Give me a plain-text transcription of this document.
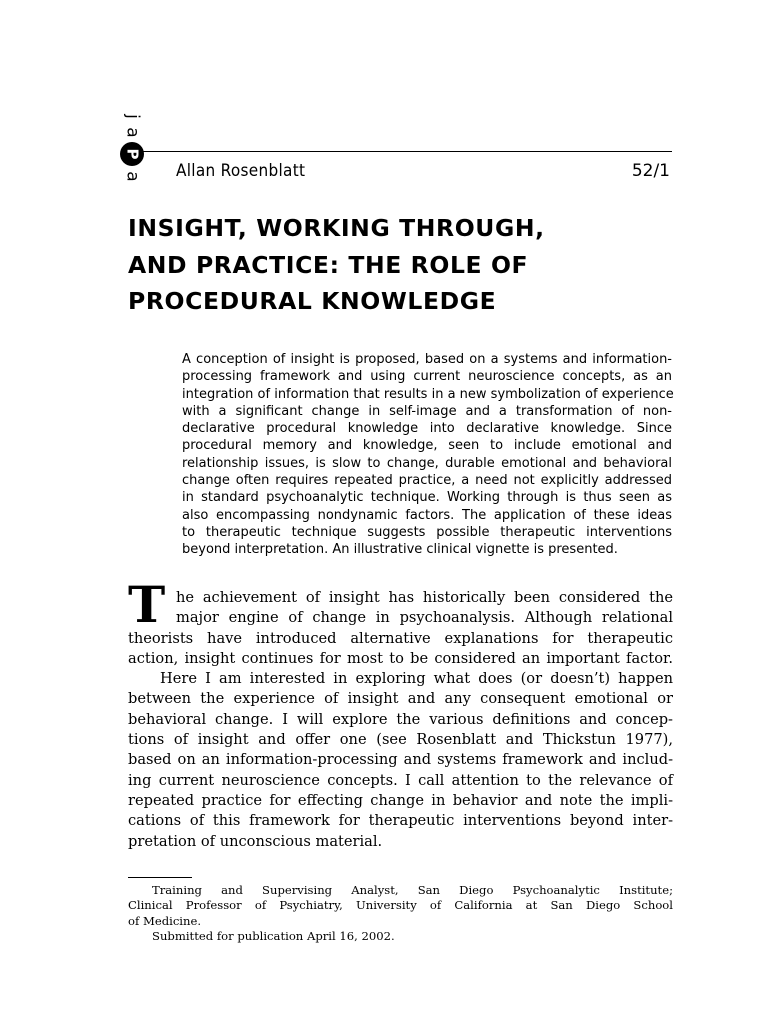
j
a
P
a Allan Rosenblatt	52/1
INSIGHT, WORKING THROUGH,
AND PRACTICE: THE ROLE OF
PROCEDURAL KNOWLEDGE
A conception of insight is proposed, based on a systems and information-
processing framework and using current neuroscience concepts, as an
integration of information that results in a new symbolization of experience
with a significant change in self-image and a transformation of non-
declarative procedural knowledge into declarative knowledge. Since
procedural memory and knowledge, seen to include emotional and
relationship issues, is slow to change, durable emotional and behavioral
change often requires repeated practice, a need not explicitly addressed
in standard psychoanalytic technique. Working through is thus seen as
also encompassing nondynamic factors. The application of these ideas
to therapeutic technique suggests possible therapeutic interventions
beyond interpretation. An illustrative clinical vignette is presented.
T he achievement of insight has historically been considered the
major engine of change in psychoanalysis. Although relational
theorists have introduced alternative explanations for therapeutic
action, insight continues for most to be considered an important factor.
Here I am interested in exploring what does (or doesn’t) happen
between the experience of insight and any consequent emotional or
behavioral change. I will explore the various definitions and concep-
tions of insight and offer one (see Rosenblatt and Thickstun 1977),
based on an information-processing and systems framework and includ-
ing current neuroscience concepts. I call attention to the relevance of
repeated practice for effecting change in behavior and note the impli-
cations of this framework for therapeutic interventions beyond inter-
pretation of unconscious material.
Training and Supervising Analyst, San Diego Psychoanalytic Institute;
Clinical Professor of Psychiatry, University of California at San Diego School
of Medicine.
Submitted for publication April 16, 2002.
